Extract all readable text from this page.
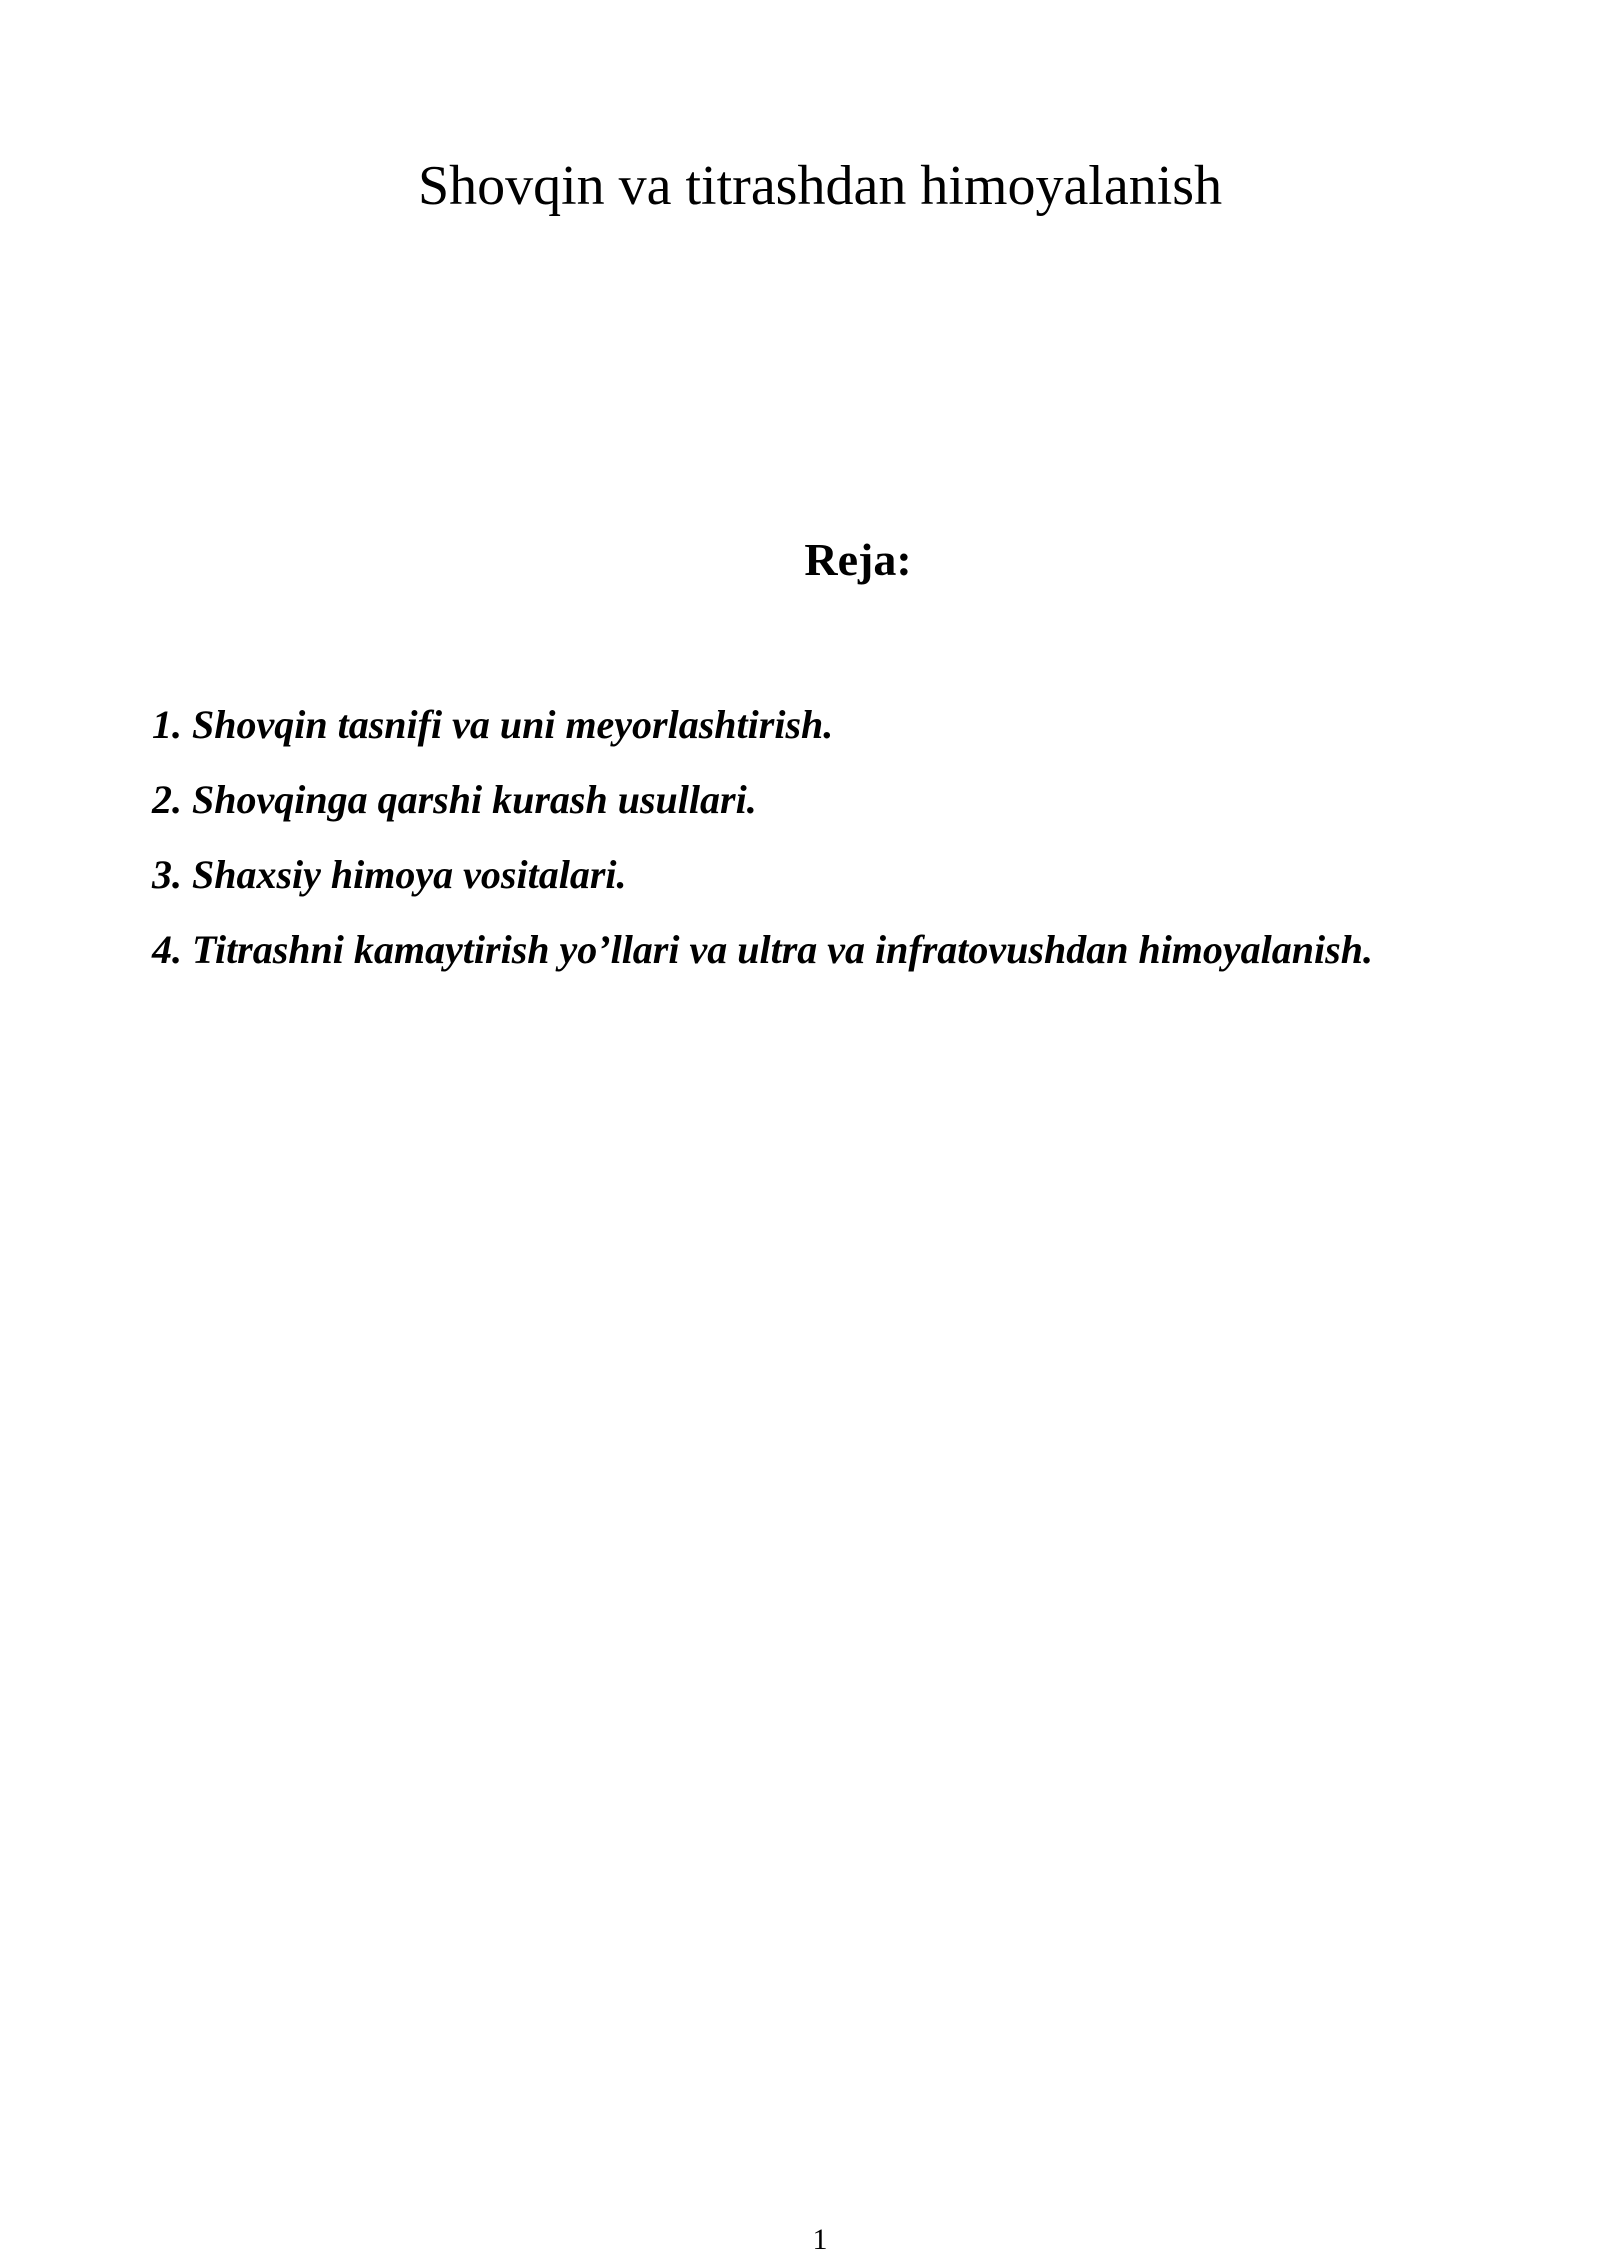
Shovqin va titrashdan himoyalanish
Reja:
1. Shovqin tasnifi va uni meyorlashtirish.
2. Shovqinga qarshi kurash usullari.
3. Shaxsiy himoya vositalari.
4. Titrashni kamaytirish yo’llari va ultra va infratovushdan himoyalanish.
1
